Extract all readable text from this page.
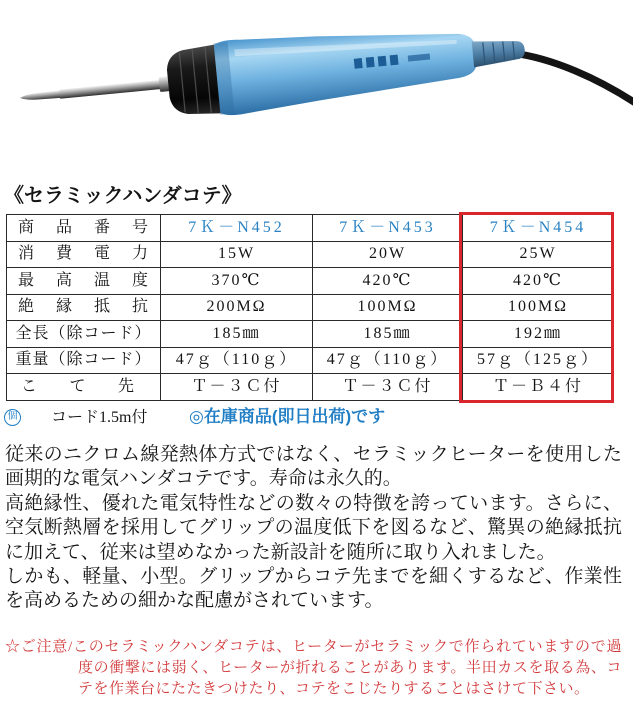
《セラミックハンダコテ》
商 品 番 号	7Ｋ－N452	7Ｋ－N453	7Ｋ－N454
消 費 電 力	15W	20W	25W
最 高 温 度	370℃	420℃	420℃
絶 縁 抵 抗	200MΩ	100MΩ	100MΩ
全長（除コード）	185㎜	185㎜	192㎜
重量（除コード）	47ｇ（110ｇ）	47ｇ（110ｇ）	57ｇ（125ｇ）
こ て 先	Ｔ－３Ｃ付	Ｔ－３Ｃ付	Ｔ－Ｂ４付
個 コード1.5m付 ◎在庫商品(即日出荷)です
従来のニクロム線発熱体方式ではなく、セラミックヒーターを使用した
画期的な電気ハンダコテです。寿命は永久的。
高絶縁性、優れた電気特性などの数々の特徴を誇っています。さらに、
空気断熱層を採用してグリップの温度低下を図るなど、驚異の絶縁抵抗
に加えて、従来は望めなかった新設計を随所に取り入れました。
しかも、軽量、小型。グリップからコテ先までを細くするなど、作業性
を高めるための細かな配慮がされています。
☆ご注意/このセラミックハンダコテは、ヒーターがセラミックで作られていますので過
度の衝撃には弱く、ヒーターが折れることがあります。半田カスを取る為、コ
テを作業台にたたきつけたり、コテをこじたりすることはさけて下さい。
